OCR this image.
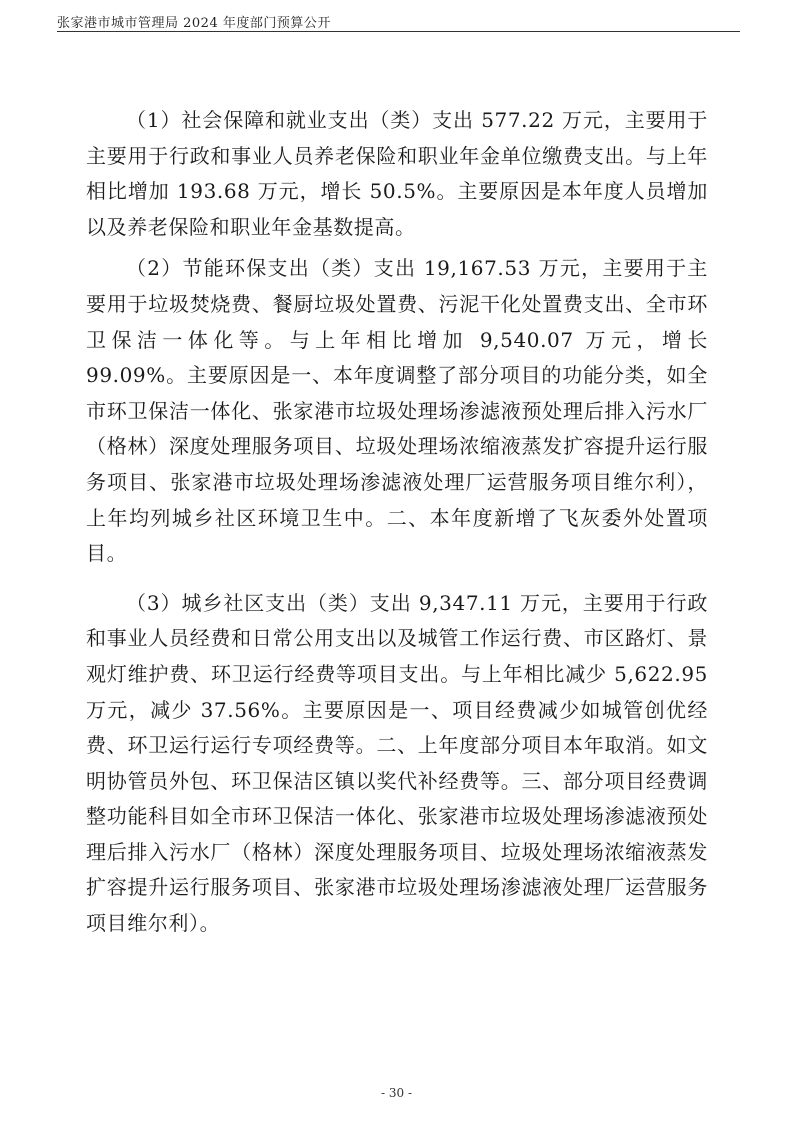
张家港市城市管理局 2024 年度部门预算公开

（1）社会保障和就业支出（类）支出 577.22 万元，主要用于主要用于行政和事业人员养老保险和职业年金单位缴费支出。与上年相比增加 193.68 万元，增长 50.5%。主要原因是本年度人员增加以及养老保险和职业年金基数提高。

（2）节能环保支出（类）支出 19,167.53 万元，主要用于主要用于垃圾焚烧费、餐厨垃圾处置费、污泥干化处置费支出、全市环卫保洁一体化等。与上年相比增加 9,540.07 万元，增长 99.09%。主要原因是一、本年度调整了部分项目的功能分类，如全市环卫保洁一体化、张家港市垃圾处理场渗滤液预处理后排入污水厂（格林）深度处理服务项目、垃圾处理场浓缩液蒸发扩容提升运行服务项目、张家港市垃圾处理场渗滤液处理厂运营服务项目维尔利），上年均列城乡社区环境卫生中。二、本年度新增了飞灰委外处置项目。

（3）城乡社区支出（类）支出 9,347.11 万元，主要用于行政和事业人员经费和日常公用支出以及城管工作运行费、市区路灯、景观灯维护费、环卫运行经费等项目支出。与上年相比减少 5,622.95 万元，减少 37.56%。主要原因是一、项目经费减少如城管创优经费、环卫运行运行专项经费等。二、上年度部分项目本年取消。如文明协管员外包、环卫保洁区镇以奖代补经费等。三、部分项目经费调整功能科目如全市环卫保洁一体化、张家港市垃圾处理场渗滤液预处理后排入污水厂（格林）深度处理服务项目、垃圾处理场浓缩液蒸发扩容提升运行服务项目、张家港市垃圾处理场渗滤液处理厂运营服务项目维尔利）。

- 30 -
